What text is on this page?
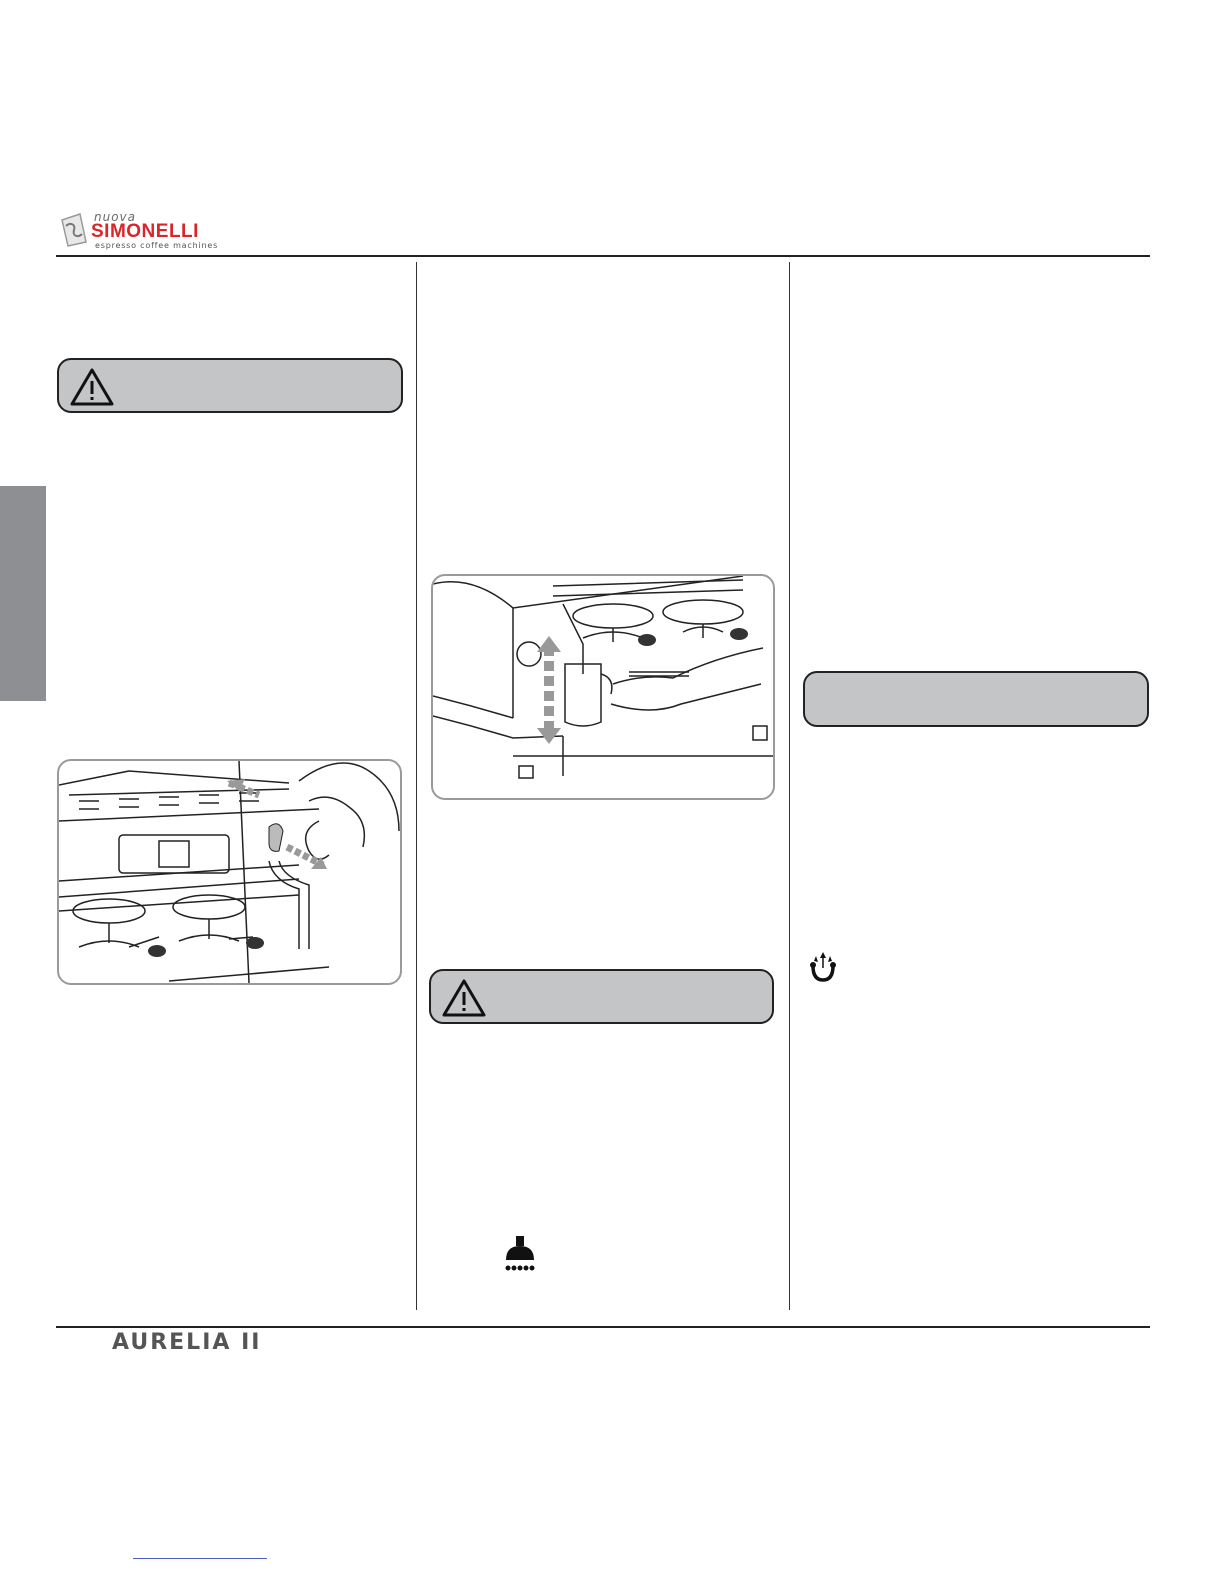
nuova
SIMONELLI
espresso coffee machines
AURELIA II
